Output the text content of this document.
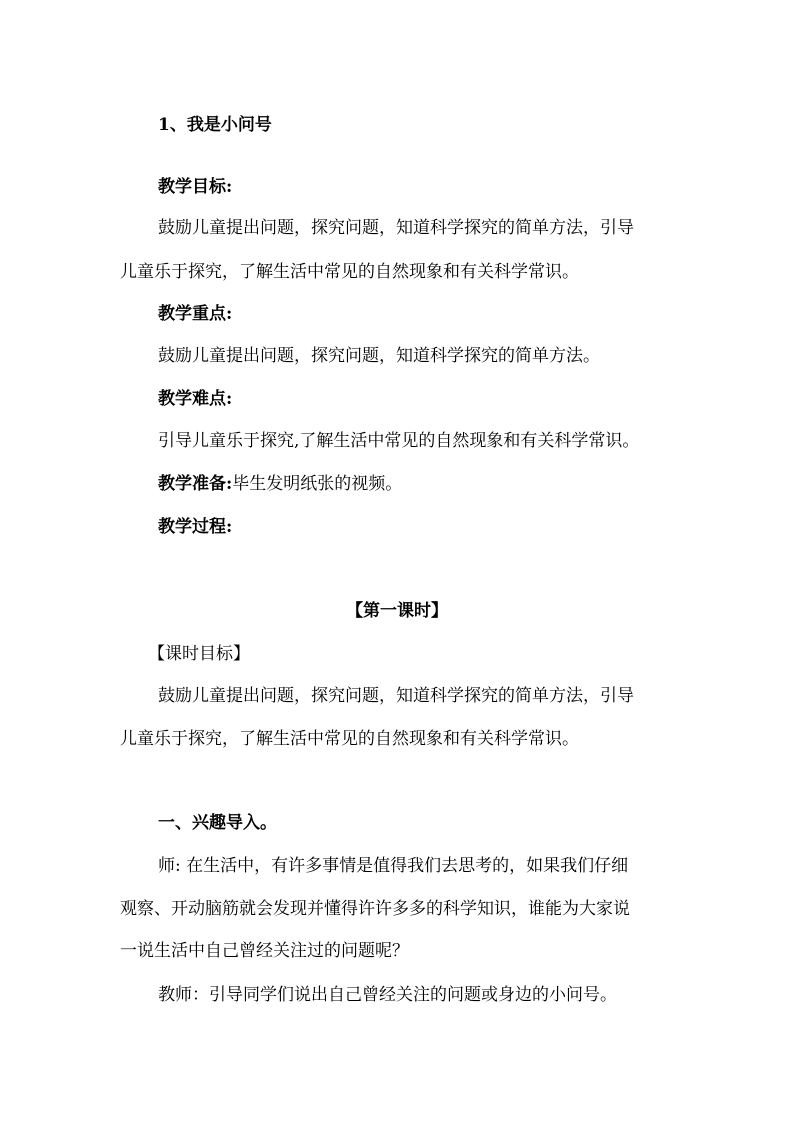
1、我是小问号
教学目标:
鼓励儿童提出问题，探究问题，知道科学探究的简单方法，引导
儿童乐于探究，了解生活中常见的自然现象和有关科学常识。
教学重点:
鼓励儿童提出问题，探究问题，知道科学探究的简单方法。
教学难点:
引导儿童乐于探究,了解生活中常见的自然现象和有关科学常识。
教学准备:毕生发明纸张的视频。
教学过程:
【第一课时】
【课时目标】
鼓励儿童提出问题，探究问题，知道科学探究的简单方法，引导
儿童乐于探究，了解生活中常见的自然现象和有关科学常识。
一、兴趣导入。
师: 在生活中，有许多事情是值得我们去思考的，如果我们仔细
观察、开动脑筋就会发现并懂得许许多多的科学知识，谁能为大家说
一说生活中自己曾经关注过的问题呢？
教师：引导同学们说出自己曾经关注的问题或身边的小问号。
